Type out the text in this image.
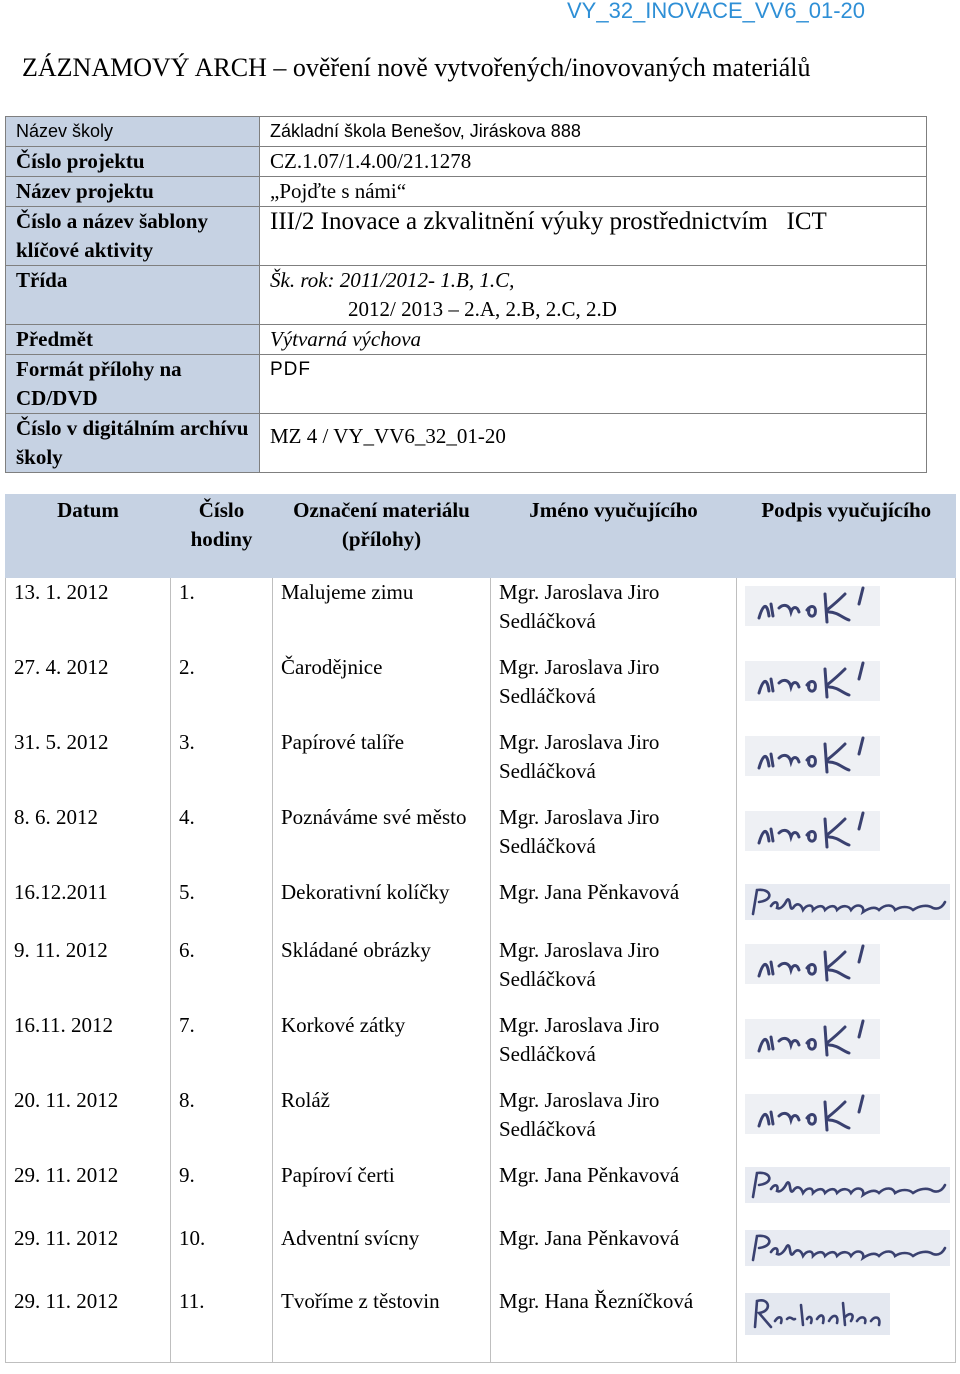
VY_32_INOVACE_VV6_01-20
ZÁZNAMOVÝ ARCH – ověření nově vytvořených/inovovaných materiálů
Název školy	Základní škola Benešov, Jiráskova 888
Číslo projektu	CZ.1.07/1.4.00/21.1278
Název projektu	„Pojďte s námi“
Číslo a název šablony klíčové aktivity	III/2 Inovace a zkvalitnění výuky prostřednictvím   ICT
Třída	Šk. rok: 2011/2012- 1.B, 1.C,
2012/ 2013 – 2.A, 2.B, 2.C, 2.D

Předmět	Výtvarná výchova
Formát přílohy na CD/DVD	PDF
Číslo v digitálním archívu školy	MZ 4 / VY_VV6_32_01-20
Datum	Číslo hodiny	Označení materiálu (přílohy)	Jméno vyučujícího	Podpis vyučujícího
13. 1. 2012	1.	Malujeme zimu	Mgr. Jaroslava Jiro Sedláčková	

27. 4. 2012	2.	Čarodějnice	Mgr. Jaroslava Jiro Sedláčková	

31. 5. 2012	3.	Papírové talíře	Mgr. Jaroslava Jiro Sedláčková	

8. 6. 2012	4.	Poznáváme své město	Mgr. Jaroslava Jiro Sedláčková	

16.12.2011	5.	Dekorativní kolíčky	Mgr. Jana Pěnkavová	

9. 11. 2012	6.	Skládané obrázky	Mgr. Jaroslava Jiro Sedláčková	

16.11. 2012	7.	Korkové zátky	Mgr. Jaroslava Jiro Sedláčková	

20. 11. 2012	8.	Roláž	Mgr. Jaroslava Jiro Sedláčková	

29. 11. 2012	9.	Papíroví čerti	Mgr. Jana Pěnkavová	

29. 11. 2012	10.	Adventní svícny	Mgr. Jana Pěnkavová	

29. 11. 2012	11.	Tvoříme z těstovin	Mgr. Hana Řezníčková	
